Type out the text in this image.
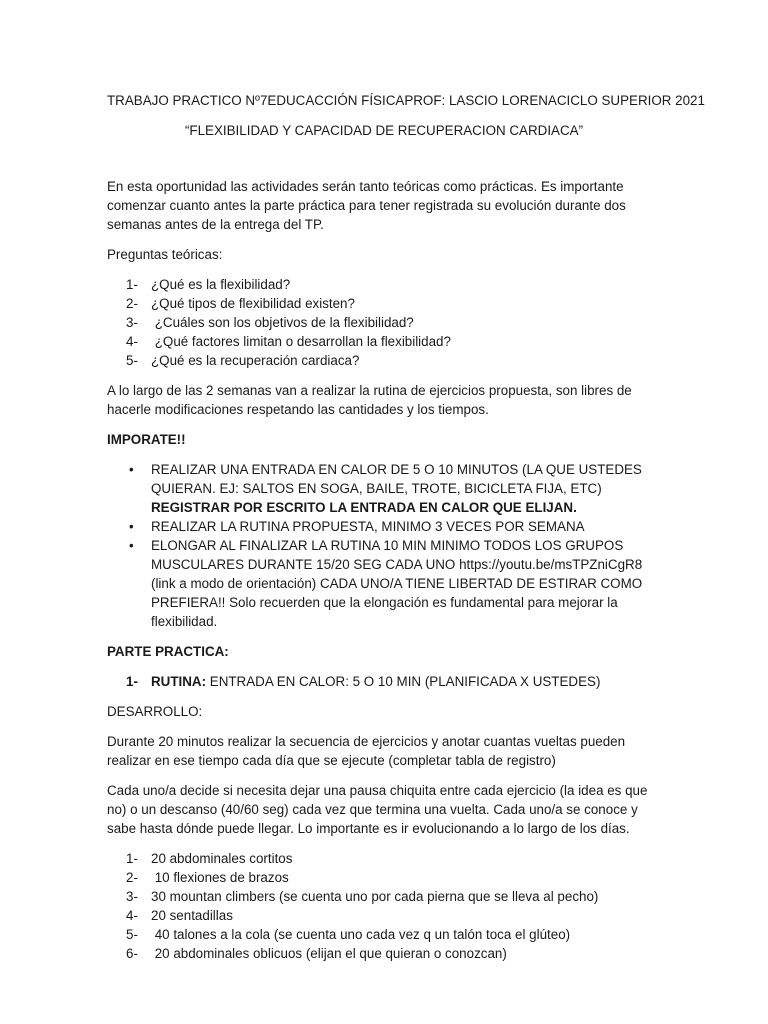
TRABAJO PRACTICO Nº7 EDUCACCIÓN FÍSICA PROF: LASCIO LORENA CICLO SUPERIOR 2021
“FLEXIBILIDAD Y CAPACIDAD DE RECUPERACION CARDIACA”

En esta oportunidad las actividades serán tanto teóricas como prácticas. Es importante comenzar cuanto antes la parte práctica para tener registrada su evolución durante dos semanas antes de la entrega del TP.

Preguntas teóricas:

1- ¿Qué es la flexibilidad?
2- ¿Qué tipos de flexibilidad existen?
3- ¿Cuáles son los objetivos de la flexibilidad?
4- ¿Qué factores limitan o desarrollan la flexibilidad?
5- ¿Qué es la recuperación cardiaca?

A lo largo de las 2 semanas van a realizar la rutina de ejercicios propuesta, son libres de hacerle modificaciones respetando las cantidades y los tiempos.

IMPORATE!!

•	REALIZAR UNA ENTRADA EN CALOR DE 5 O 10 MINUTOS (LA QUE USTEDES QUIERAN. EJ: SALTOS EN SOGA, BAILE, TROTE, BICICLETA FIJA, ETC) REGISTRAR POR ESCRITO LA ENTRADA EN CALOR QUE ELIJAN.
•	REALIZAR LA RUTINA PROPUESTA, MINIMO 3 VECES POR SEMANA
•	ELONGAR AL FINALIZAR LA RUTINA 10 MIN MINIMO TODOS LOS GRUPOS MUSCULARES DURANTE 15/20 SEG CADA UNO https://youtu.be/msTPZniCgR8 (link a modo de orientación) CADA UNO/A TIENE LIBERTAD DE ESTIRAR COMO PREFIERA!! Solo recuerden que la elongación es fundamental para mejorar la flexibilidad.

PARTE PRACTICA:

1- RUTINA: ENTRADA EN CALOR: 5 O 10 MIN (PLANIFICADA X USTEDES)

DESARROLLO:

Durante 20 minutos realizar la secuencia de ejercicios y anotar cuantas vueltas pueden realizar en ese tiempo cada día que se ejecute (completar tabla de registro)

Cada uno/a decide si necesita dejar una pausa chiquita entre cada ejercicio (la idea es que no) o un descanso (40/60 seg) cada vez que termina una vuelta. Cada uno/a se conoce y sabe hasta dónde puede llegar. Lo importante es ir evolucionando a lo largo de los días.

1- 20 abdominales cortitos
2- 10 flexiones de brazos
3- 30 mountan climbers (se cuenta uno por cada pierna que se lleva al pecho)
4- 20 sentadillas
5- 40 talones a la cola (se cuenta uno cada vez q un talón toca el glúteo)
6- 20 abdominales oblicuos (elijan el que quieran o conozcan)
